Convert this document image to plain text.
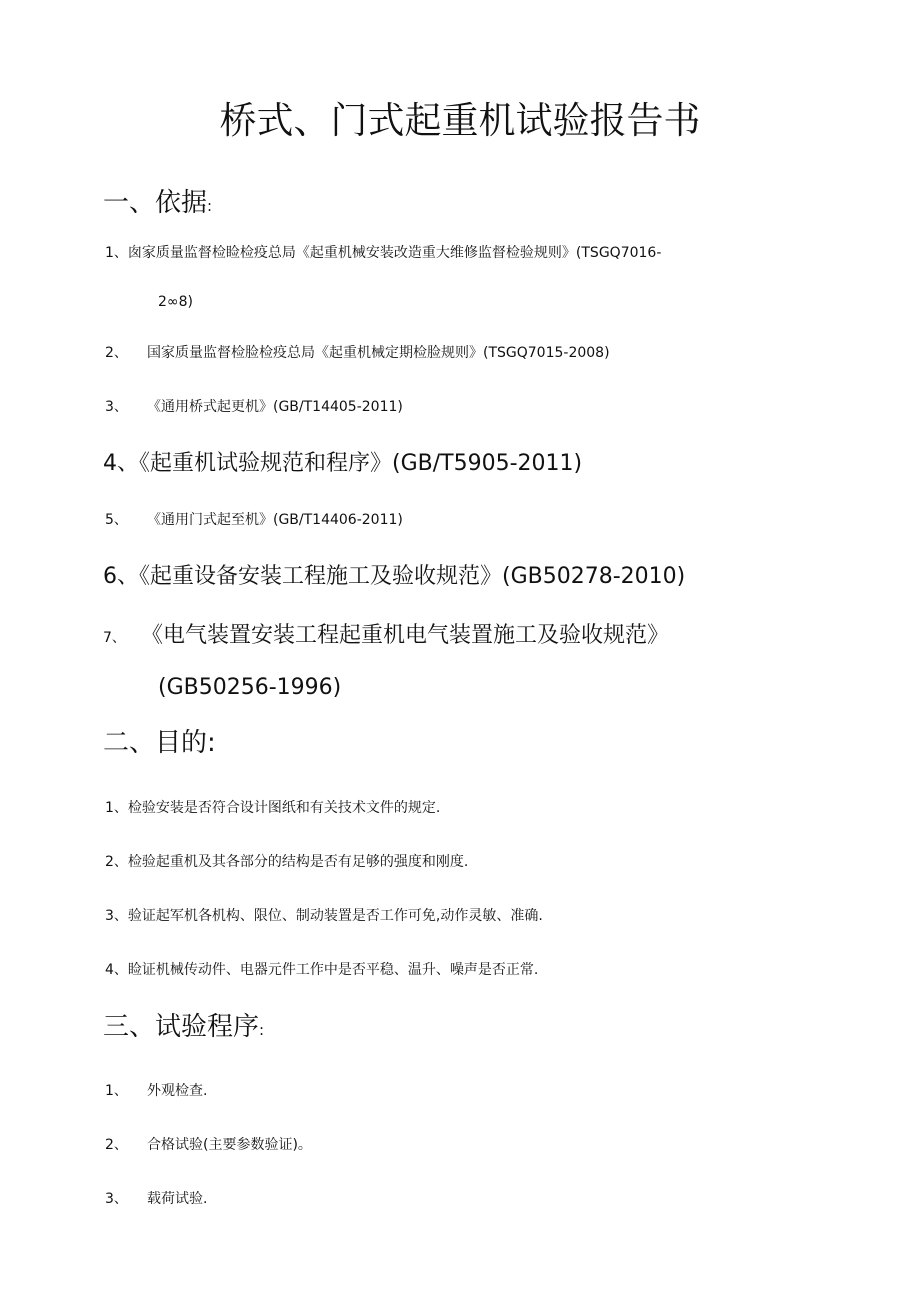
桥式、门式起重机试验报告书
一、依据:
1、囱家质量监督检睑检疫总局《起重机械安装改造重大维修监督检验规则》(TSGQ7016-
2∞8)
2、 国家质量监督检脸检疫总局《起重机械定期检脸规则》(TSGQ7015-2008)
3、 《通用桥式起更机》(GB/T14405-2011)
4、《起重机试验规范和程序》(GB/T5905-2011)
5、 《通用门式起至机》(GB/T14406-2011)
6、《起重设备安装工程施工及验收规范》(GB50278-2010)
7、 《电气装置安装工程起重机电气装置施工及验收规范》
(GB50256-1996)
二、目的:
1、检验安装是否符合设计图纸和有关技术文件的规定.
2、检验起重机及其各部分的结构是否有足够的强度和刚度.
3、验证起军机各机构、限位、制动装置是否工作可免,动作灵敏、准确.
4、睑证机械传动件、电器元件工作中是否平稳、温升、噪声是否正常.
三、试验程序:
1、 外观检查.
2、 合格试验(主要参数验证)。
3、 载荷试验.
